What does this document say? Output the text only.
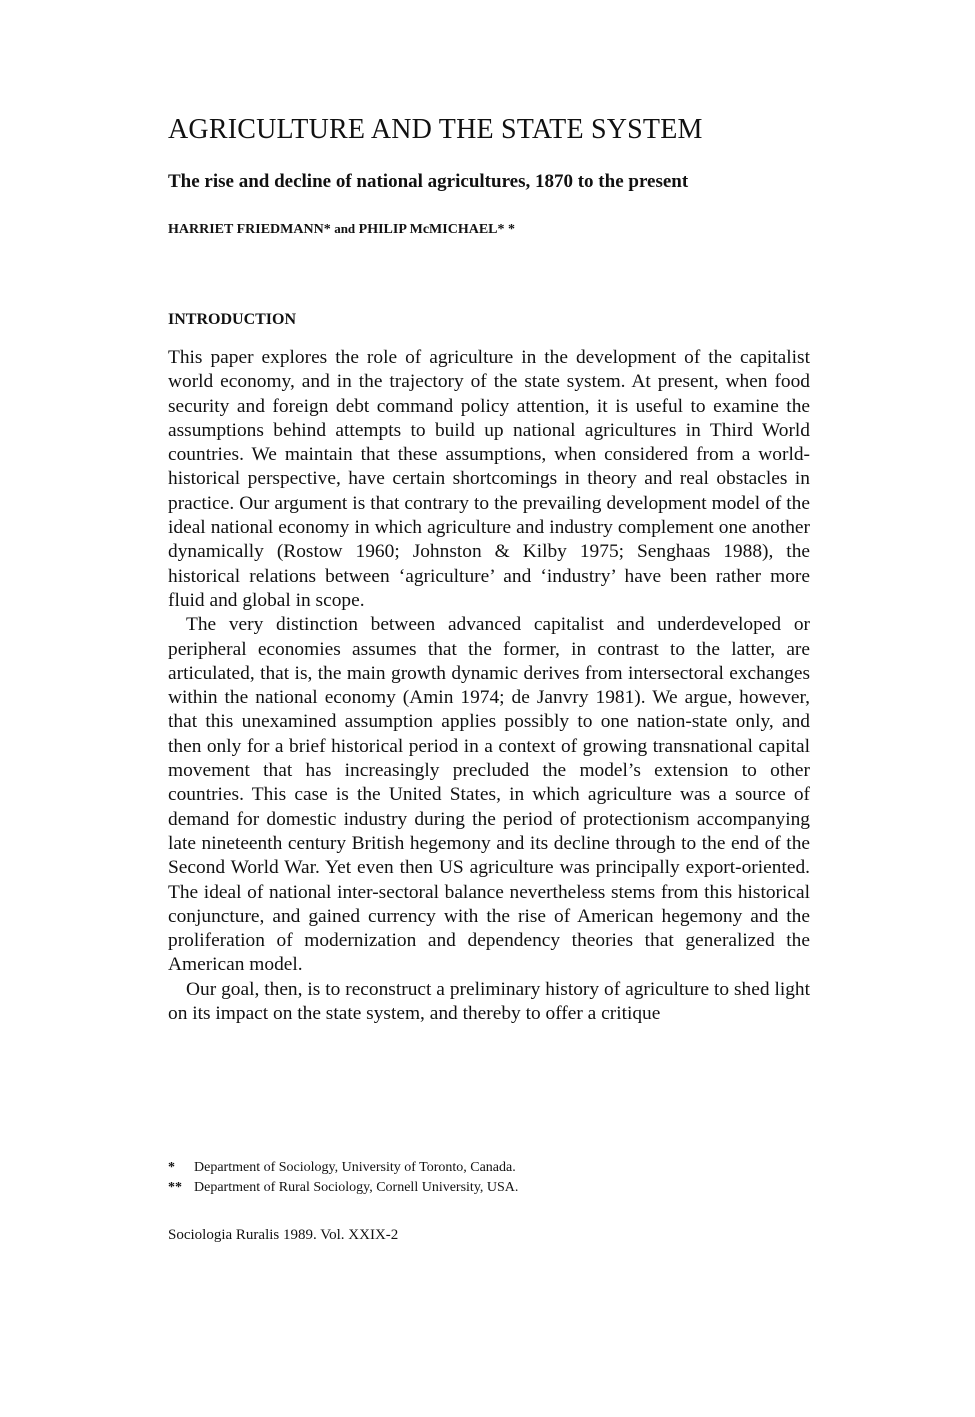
AGRICULTURE AND THE STATE SYSTEM
The rise and decline of national agricultures, 1870 to the present
HARRIET FRIEDMANN* and PHILIP McMICHAEL* *
INTRODUCTION

This paper explores the role of agriculture in the development of the capitalist world economy, and in the trajectory of the state system. At present, when food security and foreign debt command policy attention, it is useful to examine the assumptions behind attempts to build up national agricultures in Third World countries. We maintain that these assumptions, when considered from a world-historical perspective, have certain shortcomings in theory and real obstacles in practice. Our argument is that contrary to the prevailing development model of the ideal national economy in which agriculture and industry complement one another dynamically (Rostow 1960; Johnston & Kilby 1975; Senghaas 1988), the historical relations between ‘agriculture’ and ‘industry’ have been rather more fluid and global in scope.

The very distinction between advanced capitalist and underdeveloped or peripheral economies assumes that the former, in contrast to the latter, are articulated, that is, the main growth dynamic derives from intersectoral exchanges within the national economy (Amin 1974; de Janvry 1981). We argue, however, that this unexamined assumption applies possibly to one nation-state only, and then only for a brief historical period in a context of growing transnational capital movement that has increasingly precluded the model’s extension to other countries. This case is the United States, in which agriculture was a source of demand for domestic industry during the period of protectionism accompanying late nineteenth century British hegemony and its decline through to the end of the Second World War. Yet even then US agriculture was principally export-oriented. The ideal of national inter-sectoral balance nevertheless stems from this historical conjuncture, and gained currency with the rise of American hegemony and the proliferation of modernization and dependency theories that generalized the American model.

Our goal, then, is to reconstruct a preliminary history of agriculture to shed light on its impact on the state system, and thereby to offer a critique

*	Department of Sociology, University of Toronto, Canada.
** Department of Rural Sociology, Cornell University, USA.
Sociologia Ruralis 1989. Vol. XXIX-2
